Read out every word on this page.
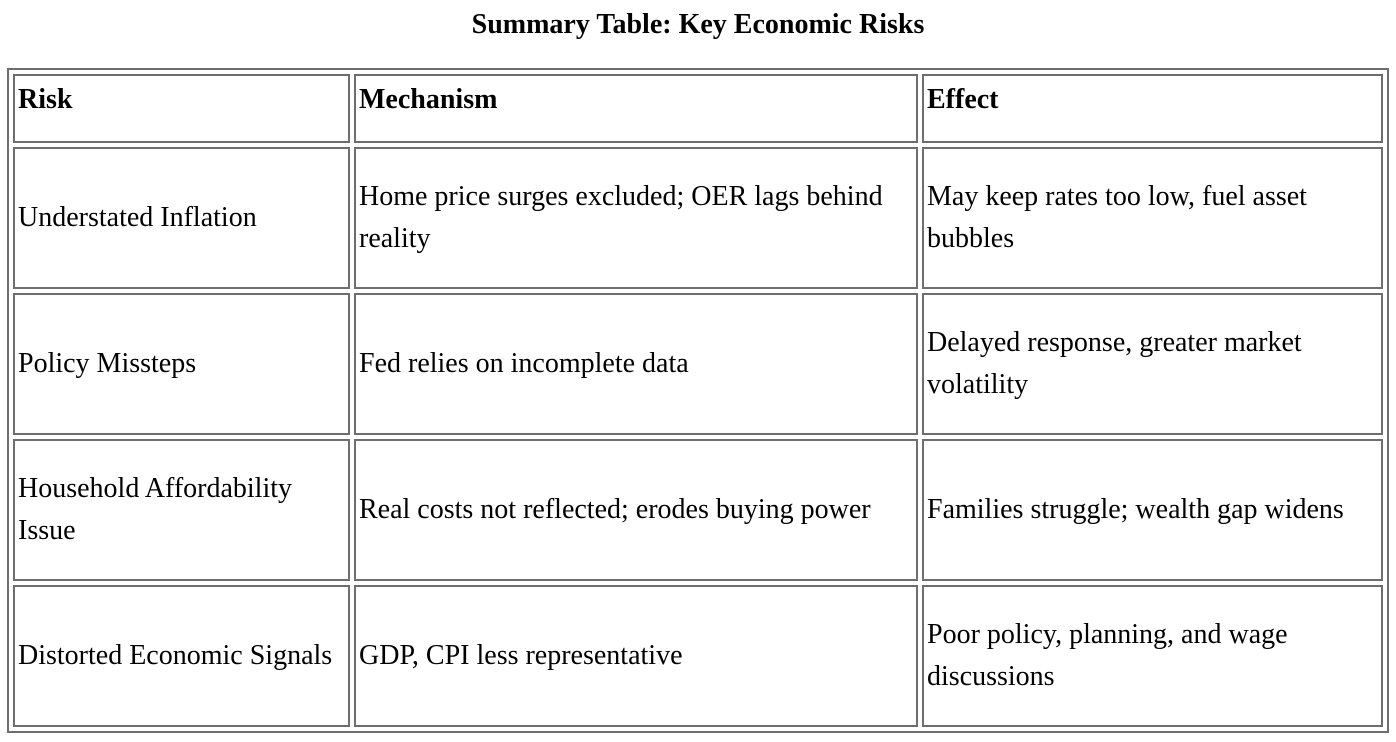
Summary Table: Key Economic Risks
Risk	Mechanism	Effect
Understated Inflation	Home price surges excluded; OER lags behind reality	May keep rates too low, fuel asset bubbles
Policy Missteps	Fed relies on incomplete data	Delayed response, greater market volatility
Household Affordability Issue	Real costs not reflected; erodes buying power	Families struggle; wealth gap widens
Distorted Economic Signals	GDP, CPI less representative	Poor policy, planning, and wage discussions
